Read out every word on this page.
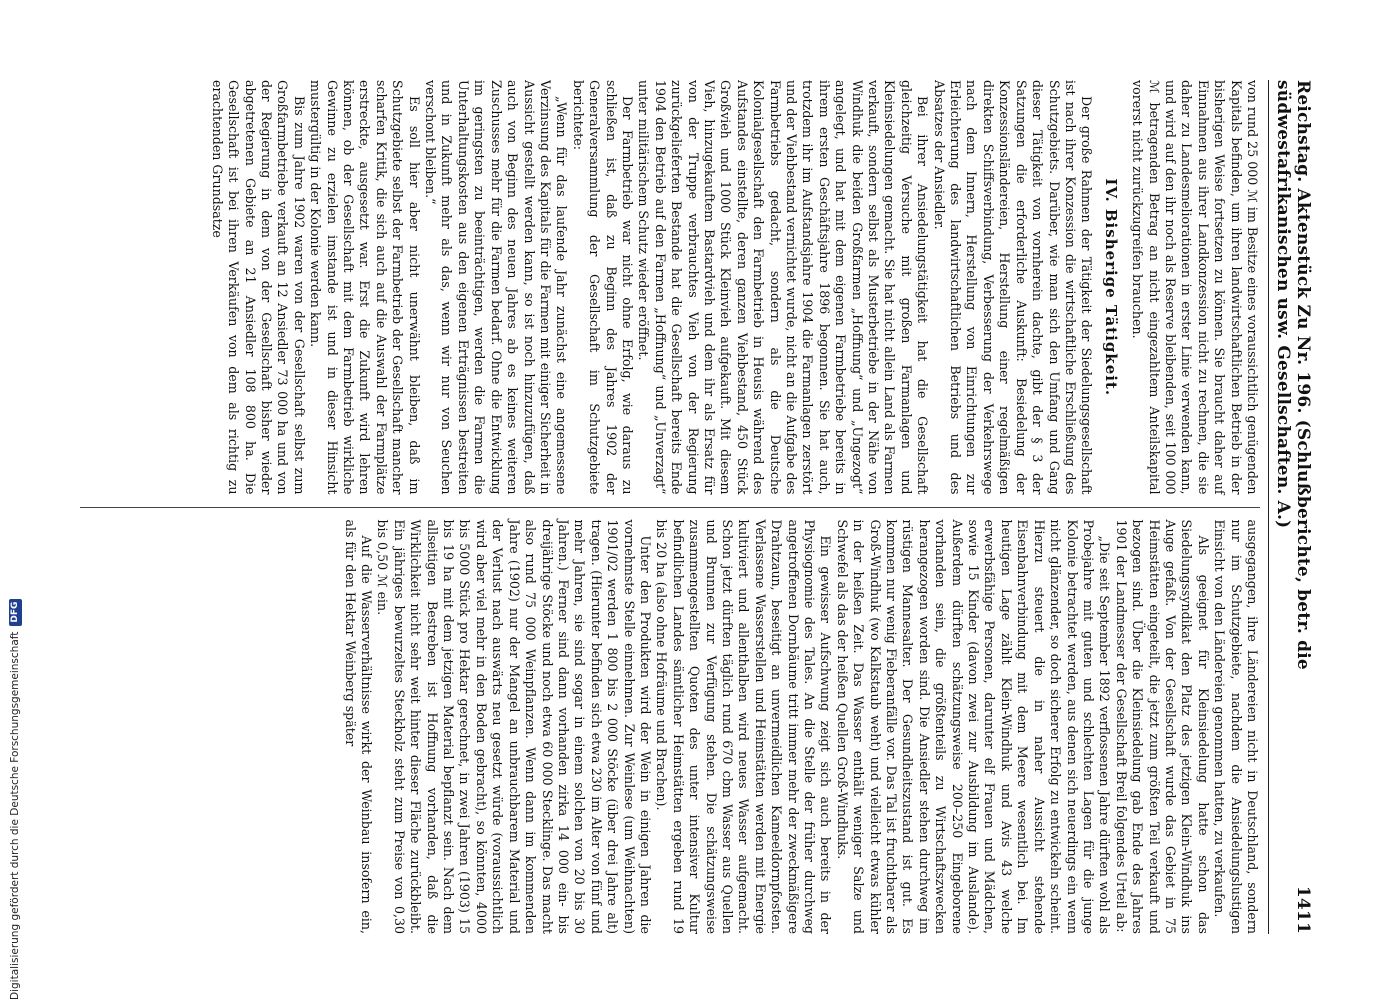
Reichstag. Aktenstück Zu Nr. 196. (Schlußberichte, betr. die südwestafrikanischen usw. Gesellschaften. A.)
1411

von rund 25 000 ℳ im Besitze eines voraussichtlich genügenden Kapitals befinden, um ihren landwirtschaftlichen Betrieb in der bisherigen Weise fortsetzen zu können. Sie braucht daher auf Einnahmen aus ihrer Landkonzession nicht zu rechnen, die sie daher zu Landesmeliorationen in erster Linie verwenden kann, und wird auf den ihr noch als Reserve bleibenden, seit 100 000 ℳ betragenden Betrag an nicht eingezahltem Anteilskapital vorerst nicht zurückzugreifen brauchen.

IV. Bisherige Tätigkeit.

Der große Rahmen der Tätigkeit der Siedelungsgesellschaft ist nach ihrer Konzession die wirtschaftliche Erschließung des Schutzgebiets. Darüber, wie man sich den Umfang und Gang dieser Tätigkeit von vornherein dachte, gibt der § 3 der Satzungen die erforderliche Auskunft: Besiedelung der Konzessionsländereien, Herstellung einer regelmäßigen direkten Schiffsverbindung, Verbesserung der Verkehrswege nach dem Innern, Herstellung von Einrichtungen zur Erleichterung des landwirtschaftlichen Betriebs und des Absatzes der Ansiedler.

Bei ihrer Ansiedelungstätigkeit hat die Gesellschaft gleichzeitig Versuche mit großen Farmanlagen und Kleinsiedelungen gemacht. Sie hat nicht allein Land als Farmen verkauft, sondern selbst als Musterbetriebe in der Nähe von Windhuk die beiden Großfarmen „Hoffnung“ und „Ungezogt“ angelegt, und hat mit dem eigenen Farmbetriebe bereits in ihrem ersten Geschäftsjahre 1896 begonnen. Sie hat auch, trotzdem ihr im Aufstandsjahre 1904 die Farmanlagen zerstört und der Viehbestand vernichtet wurde, nicht an die Aufgabe des Farmbetriebs gedacht, sondern als die Deutsche Kolonialgesellschaft den Farmbetrieb in Heusis während des Aufstandes einstellte, deren ganzen Viehbestand, 450 Stück Großvieh und 1000 Stück Kleinvieh aufgekauft. Mit diesem Vieh, hinzugekauftem Bastardvieh und dem ihr als Ersatz für von der Truppe verbrauchtes Vieh von der Regierung zurückgelieferten Bestande hat die Gesellschaft bereits Ende 1904 den Betrieb auf den Farmen „Hoffnung“ und „Unverzagt“ unter militärischem Schutz wieder eröffnet.

Der Farmbetrieb war nicht ohne Erfolg, wie daraus zu schließen ist, daß zu Beginn des Jahres 1902 der Generalversammlung der Gesellschaft im Schutzgebiete berichtete:

„Wenn für das laufende Jahr zunächst eine angemessene Verzinsung des Kapitals für die Farmen mit einiger Sicherheit in Aussicht gestellt werden kann, so ist noch hinzuzufügen, daß auch von Beginn des neuen Jahres ab es keines weiteren Zuschusses mehr für die Farmen bedarf. Ohne die Entwicklung im geringsten zu beeinträchtigen, werden die Farmen die Unterhaltungskosten aus den eigenen Erträgnissen bestreiten und in Zukunft mehr als das, wenn wir nur von Seuchen verschont bleiben.“

Es soll hier aber nicht unerwähnt bleiben, daß im Schutzgebiete selbst der Farmbetrieb der Gesellschaft mancher scharfen Kritik, die sich auch auf die Auswahl der Farmplätze erstreckte, ausgesetzt war. Erst die Zukunft wird lehren können, ob der Gesellschaft mit dem Farmbetrieb wirkliche Gewinne zu erzielen imstande ist und in dieser Hinsicht mustergültig in der Kolonie werden kann.

Bis zum Jahre 1902 waren von der Gesellschaft selbst zum Großfarmbetriebe verkauft an 12 Ansiedler 73 000 ha und von der Regierung in dem von der Gesellschaft bisher wieder abgetretenen Gebiete an 21 Ansiedler 108 800 ha. Die Gesellschaft ist bei ihren Verkäufen von dem als richtig zu erachtenden Grundsatze

ausgegangen, ihre Ländereien nicht in Deutschland, sondern nur im Schutzgebiete, nachdem die Ansiedelungslustigen Einsicht von den Ländereien genommen hatten, zu verkaufen.

Als geeignet für Kleinsiedelung hatte schon das Siedelungssyndikat den Platz des jetzigen Klein-Windhuk ins Auge gefaßt. Von der Gesellschaft wurde das Gebiet in 75 Heimstätten eingeteilt, die jetzt zum größten Teil verkauft und bezogen sind. Über die Kleinsiedelung gab Ende des Jahres 1901 der Landmesser der Gesellschaft Breil folgendes Urteil ab:

„Die seit September 1892 verflossenen Jahre dürften wohl als Probejahre mit guten und schlechten Lagen für die junge Kolonie betrachtet werden, aus denen sich neuerdings ein wenn nicht glänzender, so doch sicherer Erfolg zu entwickeln scheint. Hierzu steuert die in naher Aussicht stehende Eisenbahnverbindung mit dem Meere wesentlich bei. Im heutigen Lage zählt Klein-Windhuk und Avis 43 welche erwerbsfähige Personen, darunter elf Frauen und Mädchen, sowie 15 Kinder (davon zwei zur Ausbildung im Auslande). Außerdem dürften schätzungsweise 200–250 Eingeborene vorhanden sein, die größtenteils zu Wirtschaftszwecken herangezogen worden sind. Die Ansiedler stehen durchweg im rüstigen Mannesalter. Der Gesundheitszustand ist gut. Es kommen nur wenig Fieberanfälle vor. Das Tal ist fruchtbarer als Groß-Windhuk (wo Kalkstaub weht) und vielleicht etwas kühler in der heißen Zeit. Das Wasser enthält weniger Salze und Schwefel als das der heißen Quellen Groß-Windhuks.

Ein gewisser Aufschwung zeigt sich auch bereits in der Physiognomie des Tales. An die Stelle der früher durchweg angetroffenen Dornbäume tritt immer mehr der zweckmäßigere Drahtzaun, beseitigt an unvermeidlichen Kameeldornpfosten. Verlassene Wasserstellen und Heimstätten werden mit Energie kultiviert und allenthalben wird neues Wasser aufgemacht. Schon jetzt dürften täglich rund 670 cbm Wasser aus Quellen und Brunnen zur Verfügung stehen. Die schätzungsweise zusammengestellten Quoten des unter intensiver Kultur befindlichen Landes sämtlicher Heimstätten ergeben rund 19 bis 20 ha (also ohne Hofräume und Brachen).

Unter den Produkten wird der Wein in einigen Jahren die vornehmste Stelle einnehmen. Zur Weinlese (um Weihnachten) 1901/02 werden 1 800 bis 2 000 Stöcke (über drei Jahre alt) tragen. (Hierunter befinden sich etwa 230 im Alter von fünf und mehr Jahren, sie sind sogar in einem solchen von 20 bis 30 Jahren.) Ferner sind dann vorhanden zirka 14 000 ein- bis dreijährige Stöcke und noch etwa 60 000 Stecklinge. Das macht also rund 75 000 Weinpflanzen. Wenn dann im kommenden Jahre (1902) nur der Mangel an unbrauchbarem Material und der Verlust nach auswärts neu gesetzt würde (voraussichtlich wird aber viel mehr in den Boden gebracht), so könnten, 4000 bis 5000 Stück pro Hektar gerechnet, in zwei Jahren (1903) 15 bis 19 ha mit dem jetzigen Material bepflanzt sein. Nach dem allseitigen Bestreben ist Hoffnung vorhanden, daß die Wirklichkeit nicht sehr weit hinter dieser Fläche zurückbleibt. Ein jähriges bewurzeltes Steckholz steht zum Preise von 0,30 bis 0,50 ℳ ein.

Auf die Wasserverhältnisse wirkt der Weinbau insofern ein, als für den Hektar Weinberg später

Digitalisierung gefördert durch die Deutsche Forschungsgemeinschaft
DFG
